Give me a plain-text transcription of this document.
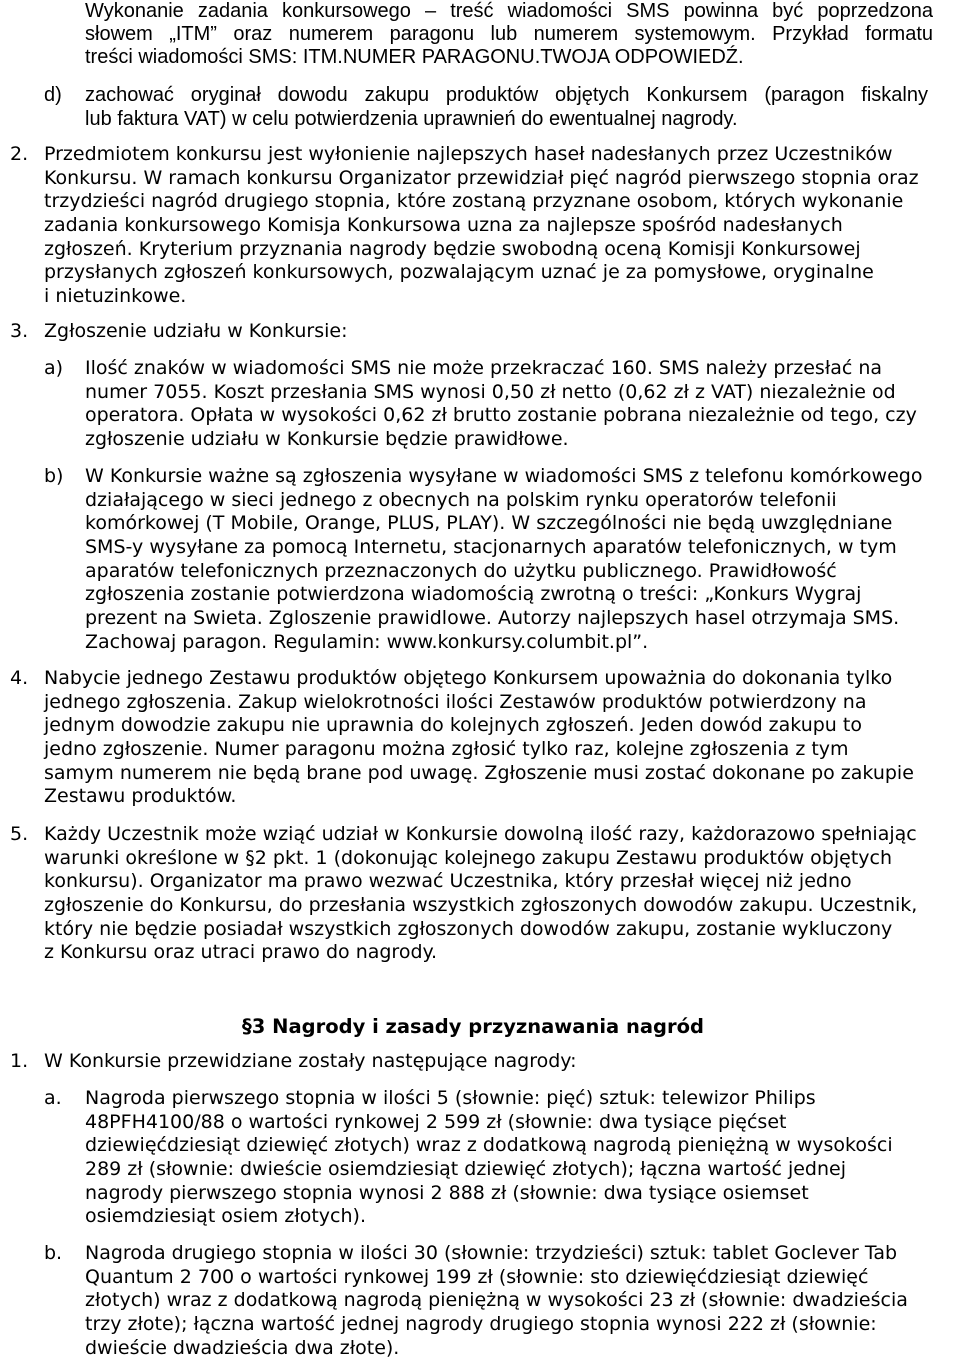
Wykonanie zadania konkursowego – treść wiadomości SMS powinna być poprzedzona
słowem „ITM” oraz numerem paragonu lub numerem systemowym. Przykład formatu
treści wiadomości SMS: ITM.NUMER PARAGONU.TWOJA ODPOWIEDŹ.
d) zachować oryginał dowodu zakupu produktów objętych Konkursem (paragon fiskalny
lub faktura VAT) w celu potwierdzenia uprawnień do ewentualnej nagrody.
2. Przedmiotem konkursu jest wyłonienie najlepszych haseł nadesłanych przez Uczestników
Konkursu. W ramach konkursu Organizator przewidział pięć nagród pierwszego stopnia oraz
trzydzieści nagród drugiego stopnia, które zostaną przyznane osobom, których wykonanie
zadania konkursowego Komisja Konkursowa uzna za najlepsze spośród nadesłanych
zgłoszeń. Kryterium przyznania nagrody będzie swobodną oceną Komisji Konkursowej
przysłanych zgłoszeń konkursowych, pozwalającym uznać je za pomysłowe, oryginalne
i nietuzinkowe.
3. Zgłoszenie udziału w Konkursie:
a) Ilość znaków w wiadomości SMS nie może przekraczać 160. SMS należy przesłać na
numer 7055. Koszt przesłania SMS wynosi 0,50 zł netto (0,62 zł z VAT) niezależnie od
operatora. Opłata w wysokości 0,62 zł brutto zostanie pobrana niezależnie od tego, czy
zgłoszenie udziału w Konkursie będzie prawidłowe.
b) W Konkursie ważne są zgłoszenia wysyłane w wiadomości SMS z telefonu komórkowego
działającego w sieci jednego z obecnych na polskim rynku operatorów telefonii
komórkowej (T Mobile, Orange, PLUS, PLAY). W szczególności nie będą uwzględniane
SMS-y wysyłane za pomocą Internetu, stacjonarnych aparatów telefonicznych, w tym
aparatów telefonicznych przeznaczonych do użytku publicznego. Prawidłowość
zgłoszenia zostanie potwierdzona wiadomością zwrotną o treści: „Konkurs Wygraj
prezent na Swieta. Zgloszenie prawidlowe. Autorzy najlepszych hasel otrzymaja SMS.
Zachowaj paragon. Regulamin: www.konkursy.columbit.pl”.
4. Nabycie jednego Zestawu produktów objętego Konkursem upoważnia do dokonania tylko
jednego zgłoszenia. Zakup wielokrotności ilości Zestawów produktów potwierdzony na
jednym dowodzie zakupu nie uprawnia do kolejnych zgłoszeń. Jeden dowód zakupu to
jedno zgłoszenie. Numer paragonu można zgłosić tylko raz, kolejne zgłoszenia z tym
samym numerem nie będą brane pod uwagę. Zgłoszenie musi zostać dokonane po zakupie
Zestawu produktów.
5. Każdy Uczestnik może wziąć udział w Konkursie dowolną ilość razy, każdorazowo spełniając
warunki określone w §2 pkt. 1 (dokonując kolejnego zakupu Zestawu produktów objętych
konkursu). Organizator ma prawo wezwać Uczestnika, który przesłał więcej niż jedno
zgłoszenie do Konkursu, do przesłania wszystkich zgłoszonych dowodów zakupu. Uczestnik,
który nie będzie posiadał wszystkich zgłoszonych dowodów zakupu, zostanie wykluczony
z Konkursu oraz utraci prawo do nagrody.
§3 Nagrody i zasady przyznawania nagród
1. W Konkursie przewidziane zostały następujące nagrody:
a. Nagroda pierwszego stopnia w ilości 5 (słownie: pięć) sztuk: telewizor Philips
48PFH4100/88 o wartości rynkowej 2 599 zł (słownie: dwa tysiące pięćset
dziewięćdziesiąt dziewięć złotych) wraz z dodatkową nagrodą pieniężną w wysokości
289 zł (słownie: dwieście osiemdziesiąt dziewięć złotych); łączna wartość jednej
nagrody pierwszego stopnia wynosi 2 888 zł (słownie: dwa tysiące osiemset
osiemdziesiąt osiem złotych).
b. Nagroda drugiego stopnia w ilości 30 (słownie: trzydzieści) sztuk: tablet Goclever Tab
Quantum 2 700 o wartości rynkowej 199 zł (słownie: sto dziewięćdziesiąt dziewięć
złotych) wraz z dodatkową nagrodą pieniężną w wysokości 23 zł (słownie: dwadzieścia
trzy złote); łączna wartość jednej nagrody drugiego stopnia wynosi 222 zł (słownie:
dwieście dwadzieścia dwa złote).
